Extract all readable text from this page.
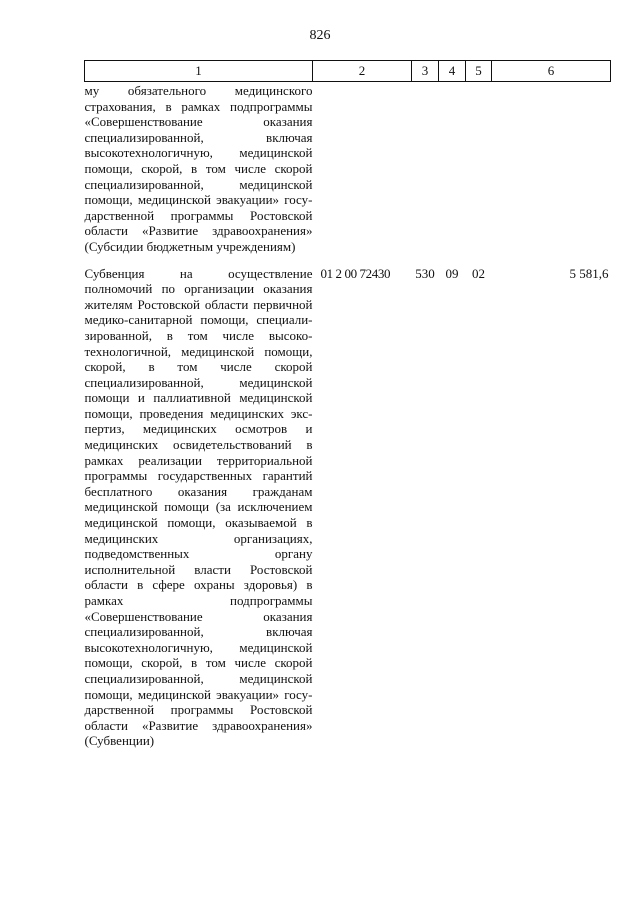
826
1	2	3	4	5	6
му обязательного медицинского страхования, в рамках подпрограммы «Совершенствование оказания специализированной, включая высокотехнологичную, медицинской помощи, скорой, в том числе скорой специализированной, медицинской помощи, медицинской эвакуации» государственной программы Ростовской области «Развитие здравоохранения» (Субсидии бюджетным учреждениям)					
Субвенция на осуществление полномочий по организации оказания жителям Ростовской области первичной медико-санитарной помощи, специализированной, в том числе высокотехнологичной, медицинской помощи, скорой, в том числе скорой специализированной, медицинской помощи и паллиативной медицинской помощи, проведения медицинских экспертиз, медицинских осмотров и медицинских освидетельствований в рамках реализации территориальной программы государственных гарантий бесплатного оказания гражданам медицинской помощи (за исключением медицинской помощи, оказываемой в медицинских организациях, подведомственных органу исполнительной власти Ростовской области в сфере охраны здоровья) в рамках подпрограммы «Совершенствование оказания специализированной, включая высокотехнологичную, медицинской помощи, скорой, в том числе скорой специализированной, медицинской помощи, медицинской эвакуации» государственной программы Ростовской области «Развитие здравоохранения» (Субвенции)	01 2 00 72430	530	09	02	5 581,6
